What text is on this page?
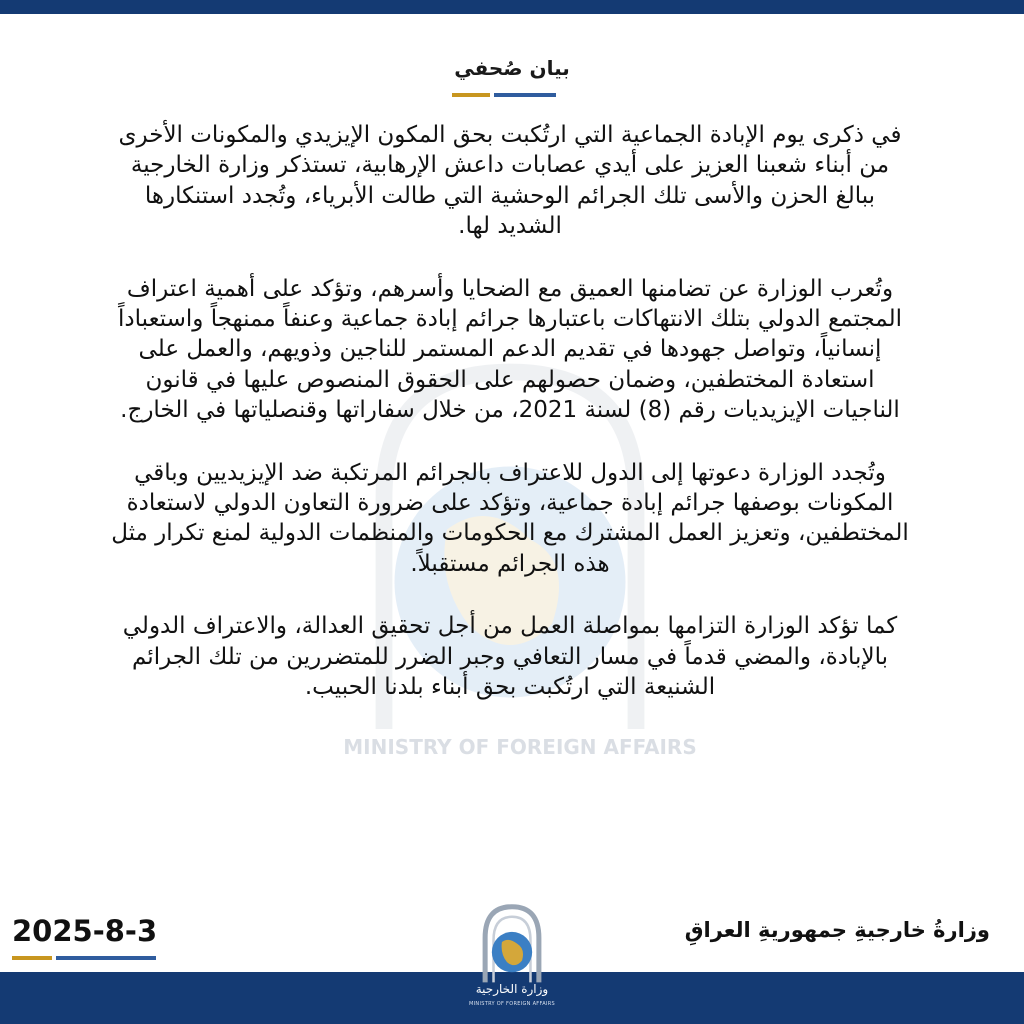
MINISTRY OF FOREIGN AFFAIRS
بيان صُحفي

في ذكرى يوم الإبادة الجماعية التي ارتُكبت بحق المكون الإيزيدي والمكونات الأخرى من أبناء شعبنا العزيز على أيدي عصابات داعش الإرهابية، تستذكر وزارة الخارجية ببالغ الحزن والأسى تلك الجرائم الوحشية التي طالت الأبرياء، وتُجدد استنكارها الشديد لها.

وتُعرب الوزارة عن تضامنها العميق مع الضحايا وأسرهم، وتؤكد على أهمية اعتراف المجتمع الدولي بتلك الانتهاكات باعتبارها جرائم إبادة جماعية وعنفاً ممنهجاً واستعباداً إنسانياً، وتواصل جهودها في تقديم الدعم المستمر للناجين وذويهم، والعمل على استعادة المختطفين، وضمان حصولهم على الحقوق المنصوص عليها في قانون الناجيات الإيزيديات رقم (8) لسنة 2021، من خلال سفاراتها وقنصلياتها في الخارج.

وتُجدد الوزارة دعوتها إلى الدول للاعتراف بالجرائم المرتكبة ضد الإيزيديين وباقي المكونات بوصفها جرائم إبادة جماعية، وتؤكد على ضرورة التعاون الدولي لاستعادة المختطفين، وتعزيز العمل المشترك مع الحكومات والمنظمات الدولية لمنع تكرار مثل هذه الجرائم مستقبلاً.

كما تؤكد الوزارة التزامها بمواصلة العمل من أجل تحقيق العدالة، والاعتراف الدولي بالإبادة، والمضي قدماً في مسار التعافي وجبر الضرر للمتضررين من تلك الجرائم الشنيعة التي ارتُكبت بحق أبناء بلدنا الحبيب.

وزارةُ خارجيةِ جمهوريةِ العراقِ
2025-8-3
وزارة الخارجية
MINISTRY OF FOREIGN AFFAIRS
